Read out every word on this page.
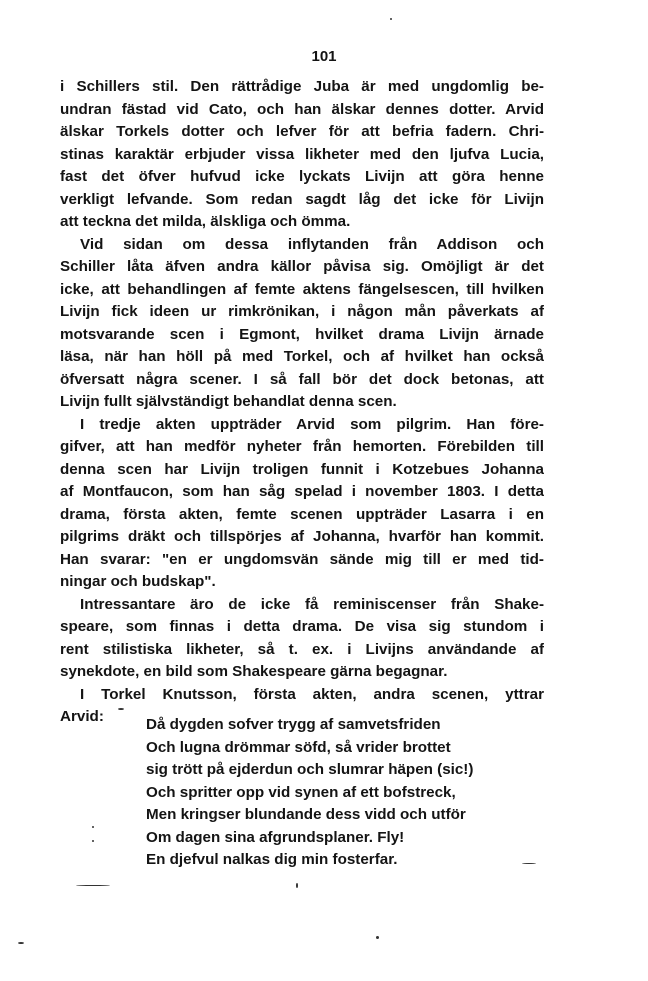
101
i Schillers stil. Den rättrådige Juba är med ungdomlig be-
undran fästad vid Cato, och han älskar dennes dotter. Arvid
älskar Torkels dotter och lefver för att befria fadern. Chri-
stinas karaktär erbjuder vissa likheter med den ljufva Lucia,
fast det öfver hufvud icke lyckats Livijn att göra henne
verkligt lefvande. Som redan sagdt låg det icke för Livijn
att teckna det milda, älskliga och ömma.
Vid sidan om dessa inflytanden från Addison och
Schiller låta äfven andra källor påvisa sig. Omöjligt är det
icke, att behandlingen af femte aktens fängelsescen, till hvilken
Livijn fick ideen ur rimkrönikan, i någon mån påverkats af
motsvarande scen i Egmont, hvilket drama Livijn ärnade
läsa, när han höll på med Torkel, och af hvilket han också
öfversatt några scener. I så fall bör det dock betonas, att
Livijn fullt självständigt behandlat denna scen.
I tredje akten uppträder Arvid som pilgrim. Han före-
gifver, att han medför nyheter från hemorten. Förebilden till
denna scen har Livijn troligen funnit i Kotzebues Johanna
af Montfaucon, som han såg spelad i november 1803. I detta
drama, första akten, femte scenen uppträder Lasarra i en
pilgrims dräkt och tillspörjes af Johanna, hvarför han kommit.
Han svarar: "en er ungdomsvän sände mig till er med tid-
ningar och budskap".
Intressantare äro de icke få reminiscenser från Shake-
speare, som finnas i detta drama. De visa sig stundom i
rent stilistiska likheter, så t. ex. i Livijns användande af
synekdote, en bild som Shakespeare gärna begagnar.
I Torkel Knutsson, första akten, andra scenen, yttrar
Arvid:	Då dygden sofver trygg af samvetsfriden
Och lugna drömmar söfd, så vrider brottet
sig trött på ejderdun och slumrar häpen (sic!)
Och spritter opp vid synen af ett bofstreck,
Men kringser blundande dess vidd och utför
Om dagen sina afgrundsplaner. Fly!
En djefvul nalkas dig min fosterfar.
